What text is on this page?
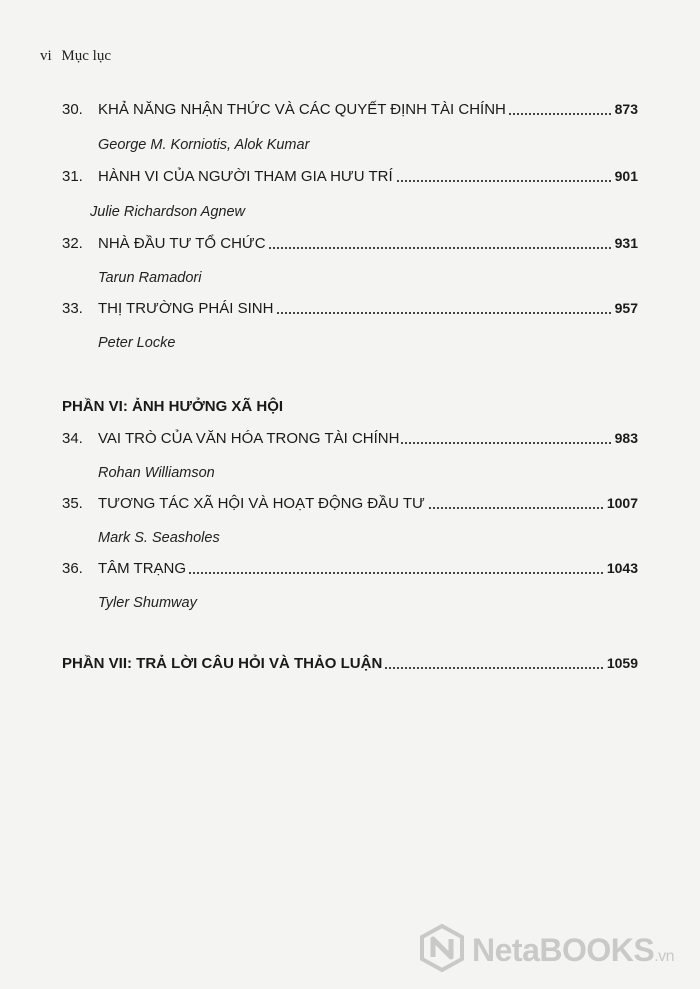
vi Mục lục
30. KHẢ NĂNG NHẬN THỨC VÀ CÁC QUYẾT ĐỊNH TÀI CHÍNH	873
George M. Korniotis, Alok Kumar
31. HÀNH VI CỦA NGƯỜI THAM GIA HƯU TRÍ	901
Julie Richardson Agnew
32. NHÀ ĐẦU TƯ TỔ CHỨC	931
Tarun Ramadori
33. THỊ TRƯỜNG PHÁI SINH	957
Peter Locke
PHẦN VI: ẢNH HƯỞNG XÃ HỘI
34. VAI TRÒ CỦA VĂN HÓA TRONG TÀI CHÍNH	983
Rohan Williamson
35. TƯƠNG TÁC XÃ HỘI VÀ HOẠT ĐỘNG ĐẦU TƯ	1007
Mark S. Seasholes
36. TÂM TRẠNG	1043
Tyler Shumway
PHẦN VII: TRẢ LỜI CÂU HỎI VÀ THẢO LUẬN	1059
NetaBOOKS.vn
